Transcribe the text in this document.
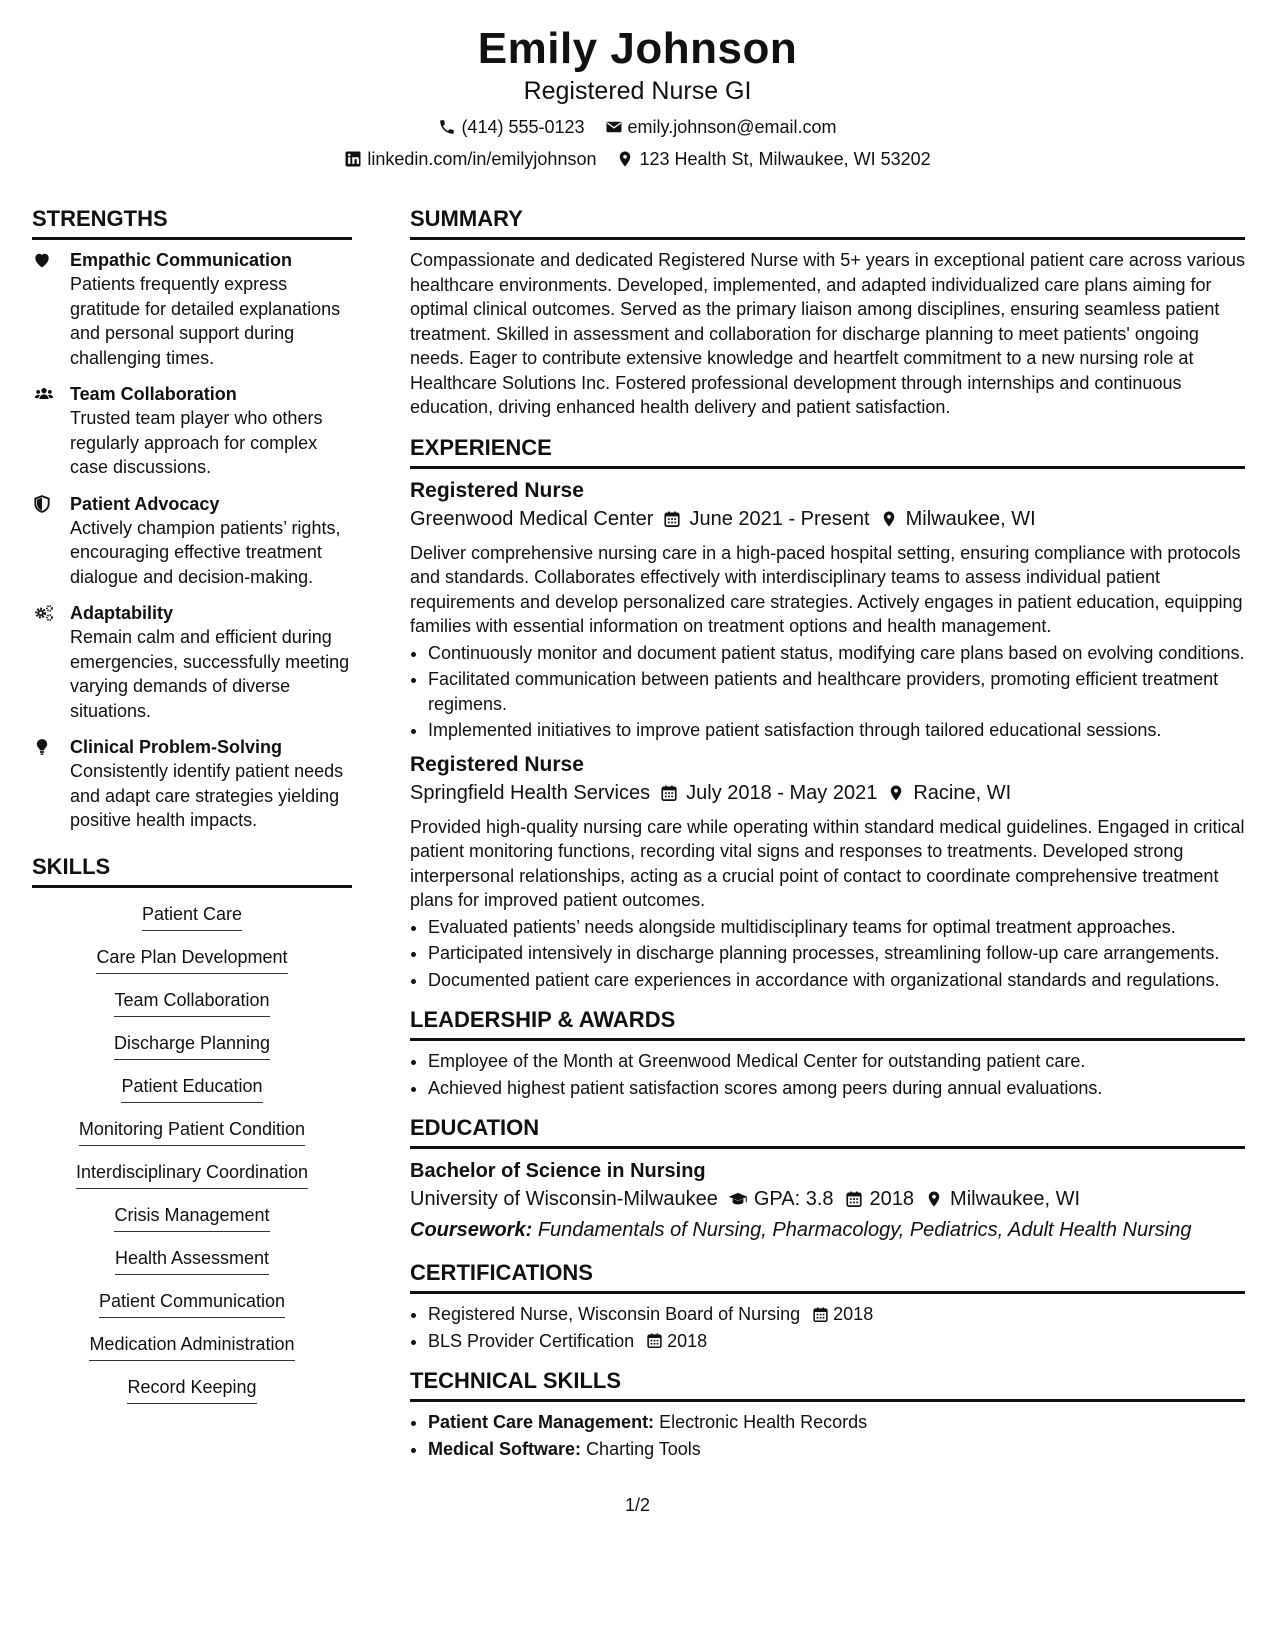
Emily Johnson
Registered Nurse GI
(414) 555-0123 emily.johnson@email.com
linkedin.com/in/emilyjohnson 123 Health St, Milwaukee, WI 53202
STRENGTHS
Empathic Communication
Patients frequently express gratitude for detailed explanations and personal support during challenging times.
Team Collaboration
Trusted team player who others regularly approach for complex case discussions.
Patient Advocacy
Actively champion patients’ rights, encouraging effective treatment dialogue and decision-making.
Adaptability
Remain calm and efficient during emergencies, successfully meeting varying demands of diverse situations.
Clinical Problem-Solving
Consistently identify patient needs and adapt care strategies yielding positive health impacts.
SKILLS
Patient Care
Care Plan Development
Team Collaboration
Discharge Planning
Patient Education
Monitoring Patient Condition
Interdisciplinary Coordination
Crisis Management
Health Assessment
Patient Communication
Medication Administration
Record Keeping
SUMMARY

Compassionate and dedicated Registered Nurse with 5+ years in exceptional patient care across various healthcare environments. Developed, implemented, and adapted individualized care plans aiming for optimal clinical outcomes. Served as the primary liaison among disciplines, ensuring seamless patient treatment. Skilled in assessment and collaboration for discharge planning to meet patients' ongoing needs. Eager to contribute extensive knowledge and heartfelt commitment to a new nursing role at Healthcare Solutions Inc. Fostered professional development through internships and continuous education, driving enhanced health delivery and patient satisfaction.

EXPERIENCE
Registered Nurse
Greenwood Medical Center June 2021 - Present Milwaukee, WI

Deliver comprehensive nursing care in a high-paced hospital setting, ensuring compliance with protocols and standards. Collaborates effectively with interdisciplinary teams to assess individual patient requirements and develop personalized care strategies. Actively engages in patient education, equipping families with essential information on treatment options and health management.

• Continuously monitor and document patient status, modifying care plans based on evolving conditions.
• Facilitated communication between patients and healthcare providers, promoting efficient treatment regimens.
• Implemented initiatives to improve patient satisfaction through tailored educational sessions.
Registered Nurse
Springfield Health Services July 2018 - May 2021 Racine, WI

Provided high-quality nursing care while operating within standard medical guidelines. Engaged in critical patient monitoring functions, recording vital signs and responses to treatments. Developed strong interpersonal relationships, acting as a crucial point of contact to coordinate comprehensive treatment plans for improved patient outcomes.

• Evaluated patients’ needs alongside multidisciplinary teams for optimal treatment approaches.
• Participated intensively in discharge planning processes, streamlining follow-up care arrangements.
• Documented patient care experiences in accordance with organizational standards and regulations.
LEADERSHIP & AWARDS
• Employee of the Month at Greenwood Medical Center for outstanding patient care.
• Achieved highest patient satisfaction scores among peers during annual evaluations.
EDUCATION
Bachelor of Science in Nursing
University of Wisconsin-Milwaukee GPA: 3.8 2018 Milwaukee, WI
Coursework: Fundamentals of Nursing, Pharmacology, Pediatrics, Adult Health Nursing
CERTIFICATIONS
• Registered Nurse, Wisconsin Board of Nursing 2018
• BLS Provider Certification 2018
TECHNICAL SKILLS
• Patient Care Management: Electronic Health Records
• Medical Software: Charting Tools
1/2
